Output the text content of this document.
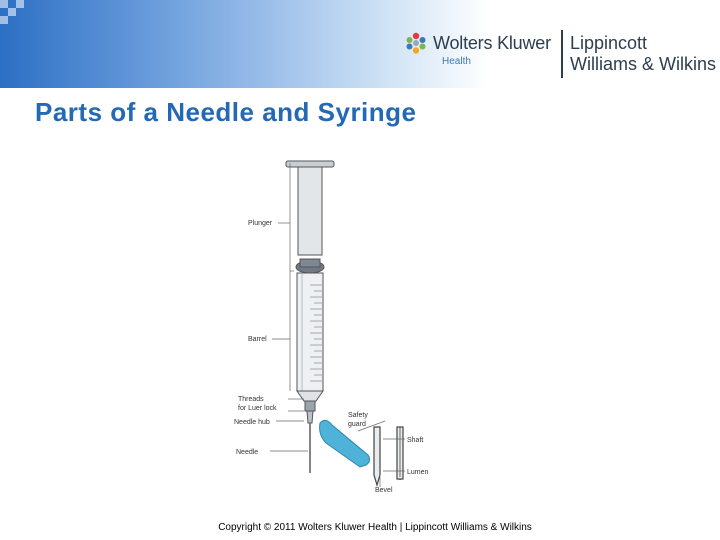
Wolters Kluwer
Health
Lippincott
Williams & Wilkins
Parts of a Needle and Syringe
Plunger
Barrel
Threads
for Luer lock
Needle hub
Needle
Safety
guard
Shaft
Lumen
Bevel
Copyright © 2011 Wolters Kluwer Health | Lippincott Williams & Wilkins
